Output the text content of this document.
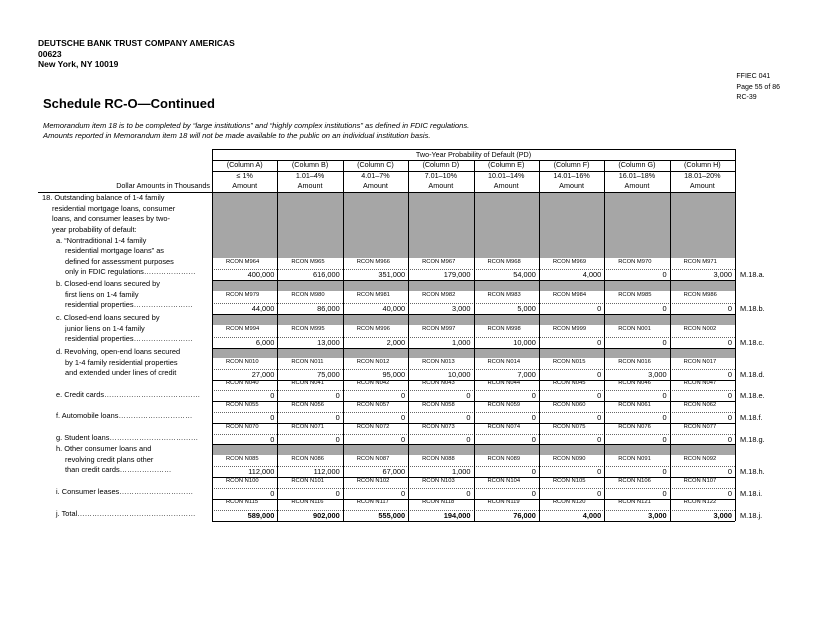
DEUTSCHE BANK TRUST COMPANY AMERICAS
00623
New York, NY 10019
FFIEC 041
Page 55 of 86
RC-39
Schedule RC-O—Continued
Memorandum item 18 is to be completed by “large institutions” and “highly complex institutions” as defined in FDIC regulations.
Amounts reported in Memorandum item 18 will not be made available to the public on an individual institution basis.
Two-Year Probability of Default (PD)
(Column A)
≤ 1%
Amount
(Column B)
1.01–4%
Amount
(Column C)
4.01–7%
Amount
(Column D)
7.01–10%
Amount
(Column E)
10.01–14%
Amount
(Column F)
14.01–16%
Amount
(Column G)
16.01–18%
Amount
(Column H)
18.01–20%
Amount
RCON M964
400,000
RCON M965
616,000
RCON M966
351,000
RCON M967
179,000
RCON M968
54,000
RCON M969
4,000
RCON M970
0
RCON M971
3,000 M.18.a.
RCON M979
44,000
RCON M980
86,000
RCON M981
40,000
RCON M982
3,000
RCON M983
5,000
RCON M984
0
RCON M985
0
RCON M986
0 M.18.b.
RCON M994
6,000
RCON M995
13,000
RCON M996
2,000
RCON M997
1,000
RCON M998
10,000
RCON M999
0
RCON N001
0
RCON N002
0 M.18.c.
RCON N010
27,000
RCON N011
75,000
RCON N012
95,000
RCON N013
10,000
RCON N014
7,000
RCON N015
0
RCON N016
3,000
RCON N017
0 M.18.d.
RCON N040
0
RCON N041
0
RCON N042
0
RCON N043
0
RCON N044
0
RCON N045
0
RCON N046
0
RCON N047
0 M.18.e.
RCON N055
0
RCON N056
0
RCON N057
0
RCON N058
0
RCON N059
0
RCON N060
0
RCON N061
0
RCON N062
0 M.18.f.
RCON N070
0
RCON N071
0
RCON N072
0
RCON N073
0
RCON N074
0
RCON N075
0
RCON N076
0
RCON N077
0 M.18.g.
RCON N085
112,000
RCON N086
112,000
RCON N087
67,000
RCON N088
1,000
RCON N089
0
RCON N090
0
RCON N091
0
RCON N092
0 M.18.h.
RCON N100
0
RCON N101
0
RCON N102
0
RCON N103
0
RCON N104
0
RCON N105
0
RCON N106
0
RCON N107
0 M.18.i.
RCON N115
589,000
RCON N116
902,000
RCON N117
555,000
RCON N118
194,000
RCON N119
76,000
RCON N120
4,000
RCON N121
3,000
RCON N122
3,000 M.18.j.
18. Outstanding balance of 1-4 family
residential mortgage loans, consumer
loans, and consumer leases by two-
year probability of default:
a. “Nontraditional 1-4 family
residential mortgage loans” as
defined for assessment purposes
only in FDIC regulations…………………
b. Closed-end loans secured by
first liens on 1-4 family
residential properties……………………
c. Closed-end loans secured by
junior liens on 1-4 family
residential properties……………………
d. Revolving, open-end loans secured
by 1-4 family residential properties
and extended under lines of credit
e. Credit cards…………………………………
f. Automobile loans…………………………
g. Student loans………………………………
h. Other consumer loans and
revolving credit plans other
than credit cards…………………
i. Consumer leases…………………………
j. Total…………………………………………
Dollar Amounts in Thousands
